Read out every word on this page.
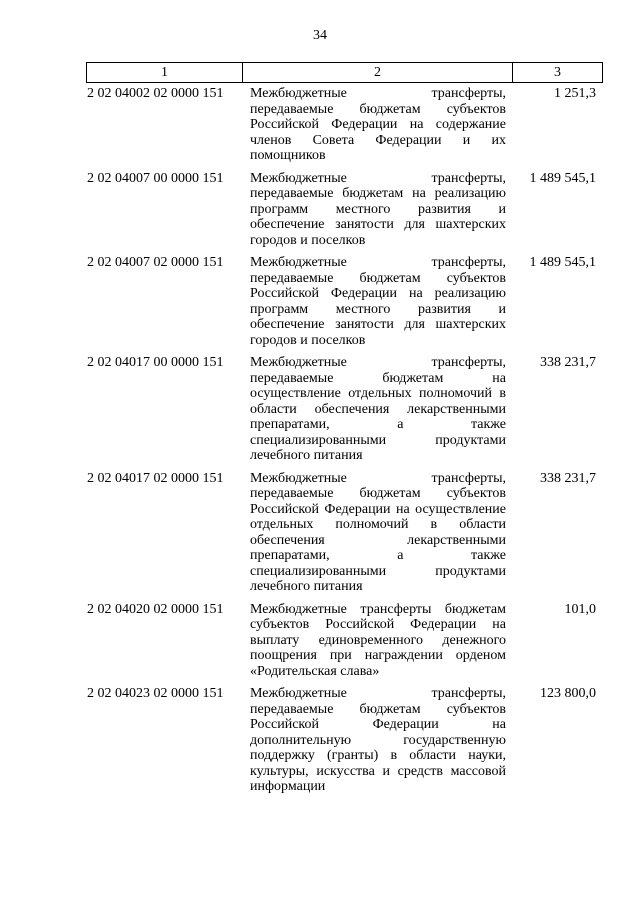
34
1	2	3
2 02 04002 02 0000 151	Межбюджетные трансферты, передаваемые бюджетам субъектов Российской Федерации на содержание членов Совета Федерации и их помощников	1 251,3
2 02 04007 00 0000 151	Межбюджетные трансферты, передаваемые бюджетам на реализацию программ местного развития и обеспечение занятости для шахтерских городов и поселков	1 489 545,1
2 02 04007 02 0000 151	Межбюджетные трансферты, передаваемые бюджетам субъектов Российской Федерации на реализацию программ местного развития и обеспечение занятости для шахтерских городов и поселков	1 489 545,1
2 02 04017 00 0000 151	Межбюджетные трансферты, передаваемые бюджетам на осуществление отдельных полномочий в области обеспечения лекарственными препаратами, а также специализированными продуктами лечебного питания	338 231,7
2 02 04017 02 0000 151	Межбюджетные трансферты, передаваемые бюджетам субъектов Российской Федерации на осуществление отдельных полномочий в области обеспечения лекарственными препаратами, а также специализированными продуктами лечебного питания	338 231,7
2 02 04020 02 0000 151	Межбюджетные трансферты бюджетам субъектов Российской Федерации на выплату единовременного денежного поощрения при награждении орденом «Родительская слава»	101,0
2 02 04023 02 0000 151	Межбюджетные трансферты, передаваемые бюджетам субъектов Российской Федерации на дополнительную государственную поддержку (гранты) в области науки, культуры, искусства и средств массовой информации	123 800,0
